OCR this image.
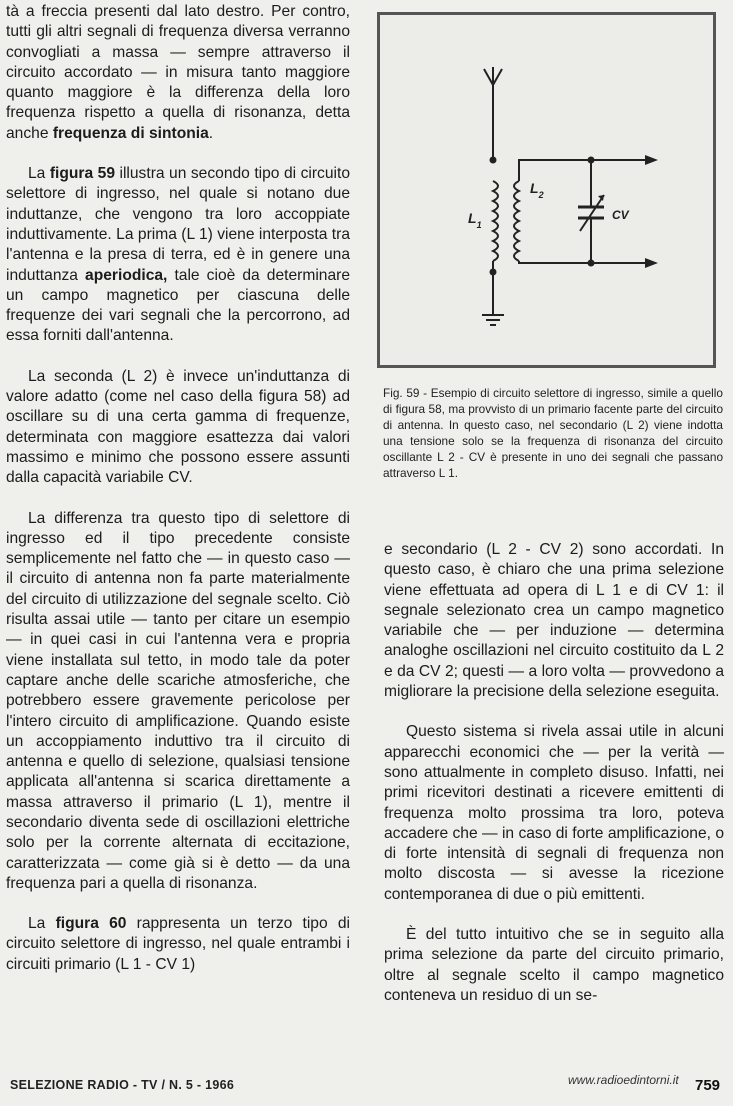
tà a freccia presenti dal lato destro. Per contro, tutti gli altri segnali di frequenza diversa verranno convogliati a massa — sempre attraverso il circuito accordato — in misura tanto maggiore quanto maggiore è la differenza della loro frequenza rispetto a quella di risonanza, detta anche frequenza di sintonia.

La figura 59 illustra un secondo tipo di circuito selettore di ingresso, nel quale si notano due induttanze, che vengono tra loro accoppiate induttivamente. La prima (L 1) viene interposta tra l'antenna e la presa di terra, ed è in genere una induttanza aperiodica, tale cioè da determinare un campo magnetico per ciascuna delle frequenze dei vari segnali che la percorrono, ad essa forniti dall'antenna.

La seconda (L 2) è invece un'induttanza di valore adatto (come nel caso della figura 58) ad oscillare su di una certa gamma di frequenze, determinata con maggiore esattezza dai valori massimo e minimo che possono essere assunti dalla capacità variabile CV.

La differenza tra questo tipo di selettore di ingresso ed il tipo precedente consiste semplicemente nel fatto che — in questo caso — il circuito di antenna non fa parte materialmente del circuito di utilizzazione del segnale scelto. Ciò risulta assai utile — tanto per citare un esempio — in quei casi in cui l'antenna vera e propria viene installata sul tetto, in modo tale da poter captare anche delle scariche atmosferiche, che potrebbero essere gravemente pericolose per l'intero circuito di amplificazione. Quando esiste un accoppiamento induttivo tra il circuito di antenna e quello di selezione, qualsiasi tensione applicata all'antenna si scarica direttamente a massa attraverso il primario (L 1), mentre il secondario diventa sede di oscillazioni elettriche solo per la corrente alternata di eccitazione, caratterizzata — come già si è detto — da una frequenza pari a quella di risonanza.

La figura 60 rappresenta un terzo tipo di circuito selettore di ingresso, nel quale entrambi i circuiti primario (L 1 - CV 1)

$L_1$
$L_2$
CV
Fig. 59 - Esempio di circuito selettore di ingresso, simile a quello di figura 58, ma provvisto di un primario facente parte del circuito di antenna. In questo caso, nel secondario (L 2) viene indotta una tensione solo se la frequenza di risonanza del circuito oscillante L 2 - CV è presente in uno dei segnali che passano attraverso L 1.

e secondario (L 2 - CV 2) sono accordati. In questo caso, è chiaro che una prima selezione viene effettuata ad opera di L 1 e di CV 1: il segnale selezionato crea un campo magnetico variabile che — per induzione — determina analoghe oscillazioni nel circuito costituito da L 2 e da CV 2; questi — a loro volta — provvedono a migliorare la precisione della selezione eseguita.

Questo sistema si rivela assai utile in alcuni apparecchi economici che — per la verità — sono attualmente in completo disuso. Infatti, nei primi ricevitori destinati a ricevere emittenti di frequenza molto prossima tra loro, poteva accadere che — in caso di forte amplificazione, o di forte intensità di segnali di frequenza non molto discosta — si avesse la ricezione contemporanea di due o più emittenti.

È del tutto intuitivo che se in seguito alla prima selezione da parte del circuito primario, oltre al segnale scelto il campo magnetico conteneva un residuo di un se-

SELEZIONE RADIO - TV / N. 5 - 1966	www.radioedintorni.it 759
